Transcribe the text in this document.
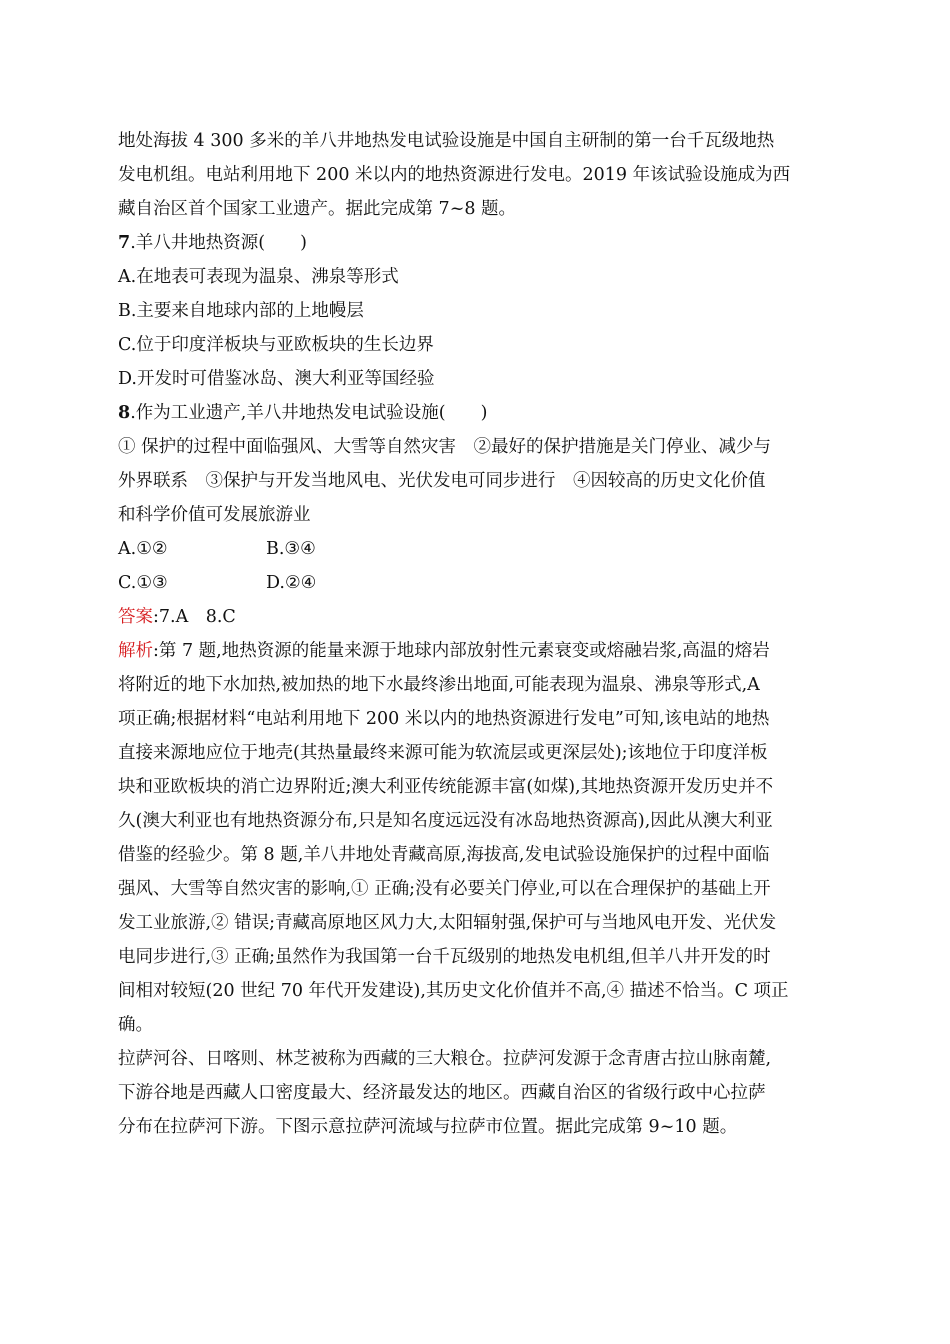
地处海拔 4 300 多米的羊八井地热发电试验设施是中国自主研制的第一台千瓦级地热
发电机组。电站利用地下 200 米以内的地热资源进行发电。2019 年该试验设施成为西
藏自治区首个国家工业遗产。据此完成第 7~8 题。
7.羊八井地热资源(　　)
A.在地表可表现为温泉、沸泉等形式
B.主要来自地球内部的上地幔层
C.位于印度洋板块与亚欧板块的生长边界
D.开发时可借鉴冰岛、澳大利亚等国经验
8.作为工业遗产,羊八井地热发电试验设施(　　)
① 保护的过程中面临强风、大雪等自然灾害　②最好的保护措施是关门停业、减少与
外界联系　③保护与开发当地风电、光伏发电可同步进行　④因较高的历史文化价值
和科学价值可发展旅游业
A.①②	B.③④
C.①③	D.②④
答案:7.A　8.C
解析:第 7 题,地热资源的能量来源于地球内部放射性元素衰变或熔融岩浆,高温的熔岩
将附近的地下水加热,被加热的地下水最终渗出地面,可能表现为温泉、沸泉等形式,A
项正确;根据材料“电站利用地下 200 米以内的地热资源进行发电”可知,该电站的地热
直接来源地应位于地壳(其热量最终来源可能为软流层或更深层处);该地位于印度洋板
块和亚欧板块的消亡边界附近;澳大利亚传统能源丰富(如煤),其地热资源开发历史并不
久(澳大利亚也有地热资源分布,只是知名度远远没有冰岛地热资源高),因此从澳大利亚
借鉴的经验少。第 8 题,羊八井地处青藏高原,海拔高,发电试验设施保护的过程中面临
强风、大雪等自然灾害的影响,① 正确;没有必要关门停业,可以在合理保护的基础上开
发工业旅游,② 错误;青藏高原地区风力大,太阳辐射强,保护可与当地风电开发、光伏发
电同步进行,③ 正确;虽然作为我国第一台千瓦级别的地热发电机组,但羊八井开发的时
间相对较短(20 世纪 70 年代开发建设),其历史文化价值并不高,④ 描述不恰当。C 项正
确。
拉萨河谷、日喀则、林芝被称为西藏的三大粮仓。拉萨河发源于念青唐古拉山脉南麓,
下游谷地是西藏人口密度最大、经济最发达的地区。西藏自治区的省级行政中心拉萨
分布在拉萨河下游。下图示意拉萨河流域与拉萨市位置。据此完成第 9~10 题。
